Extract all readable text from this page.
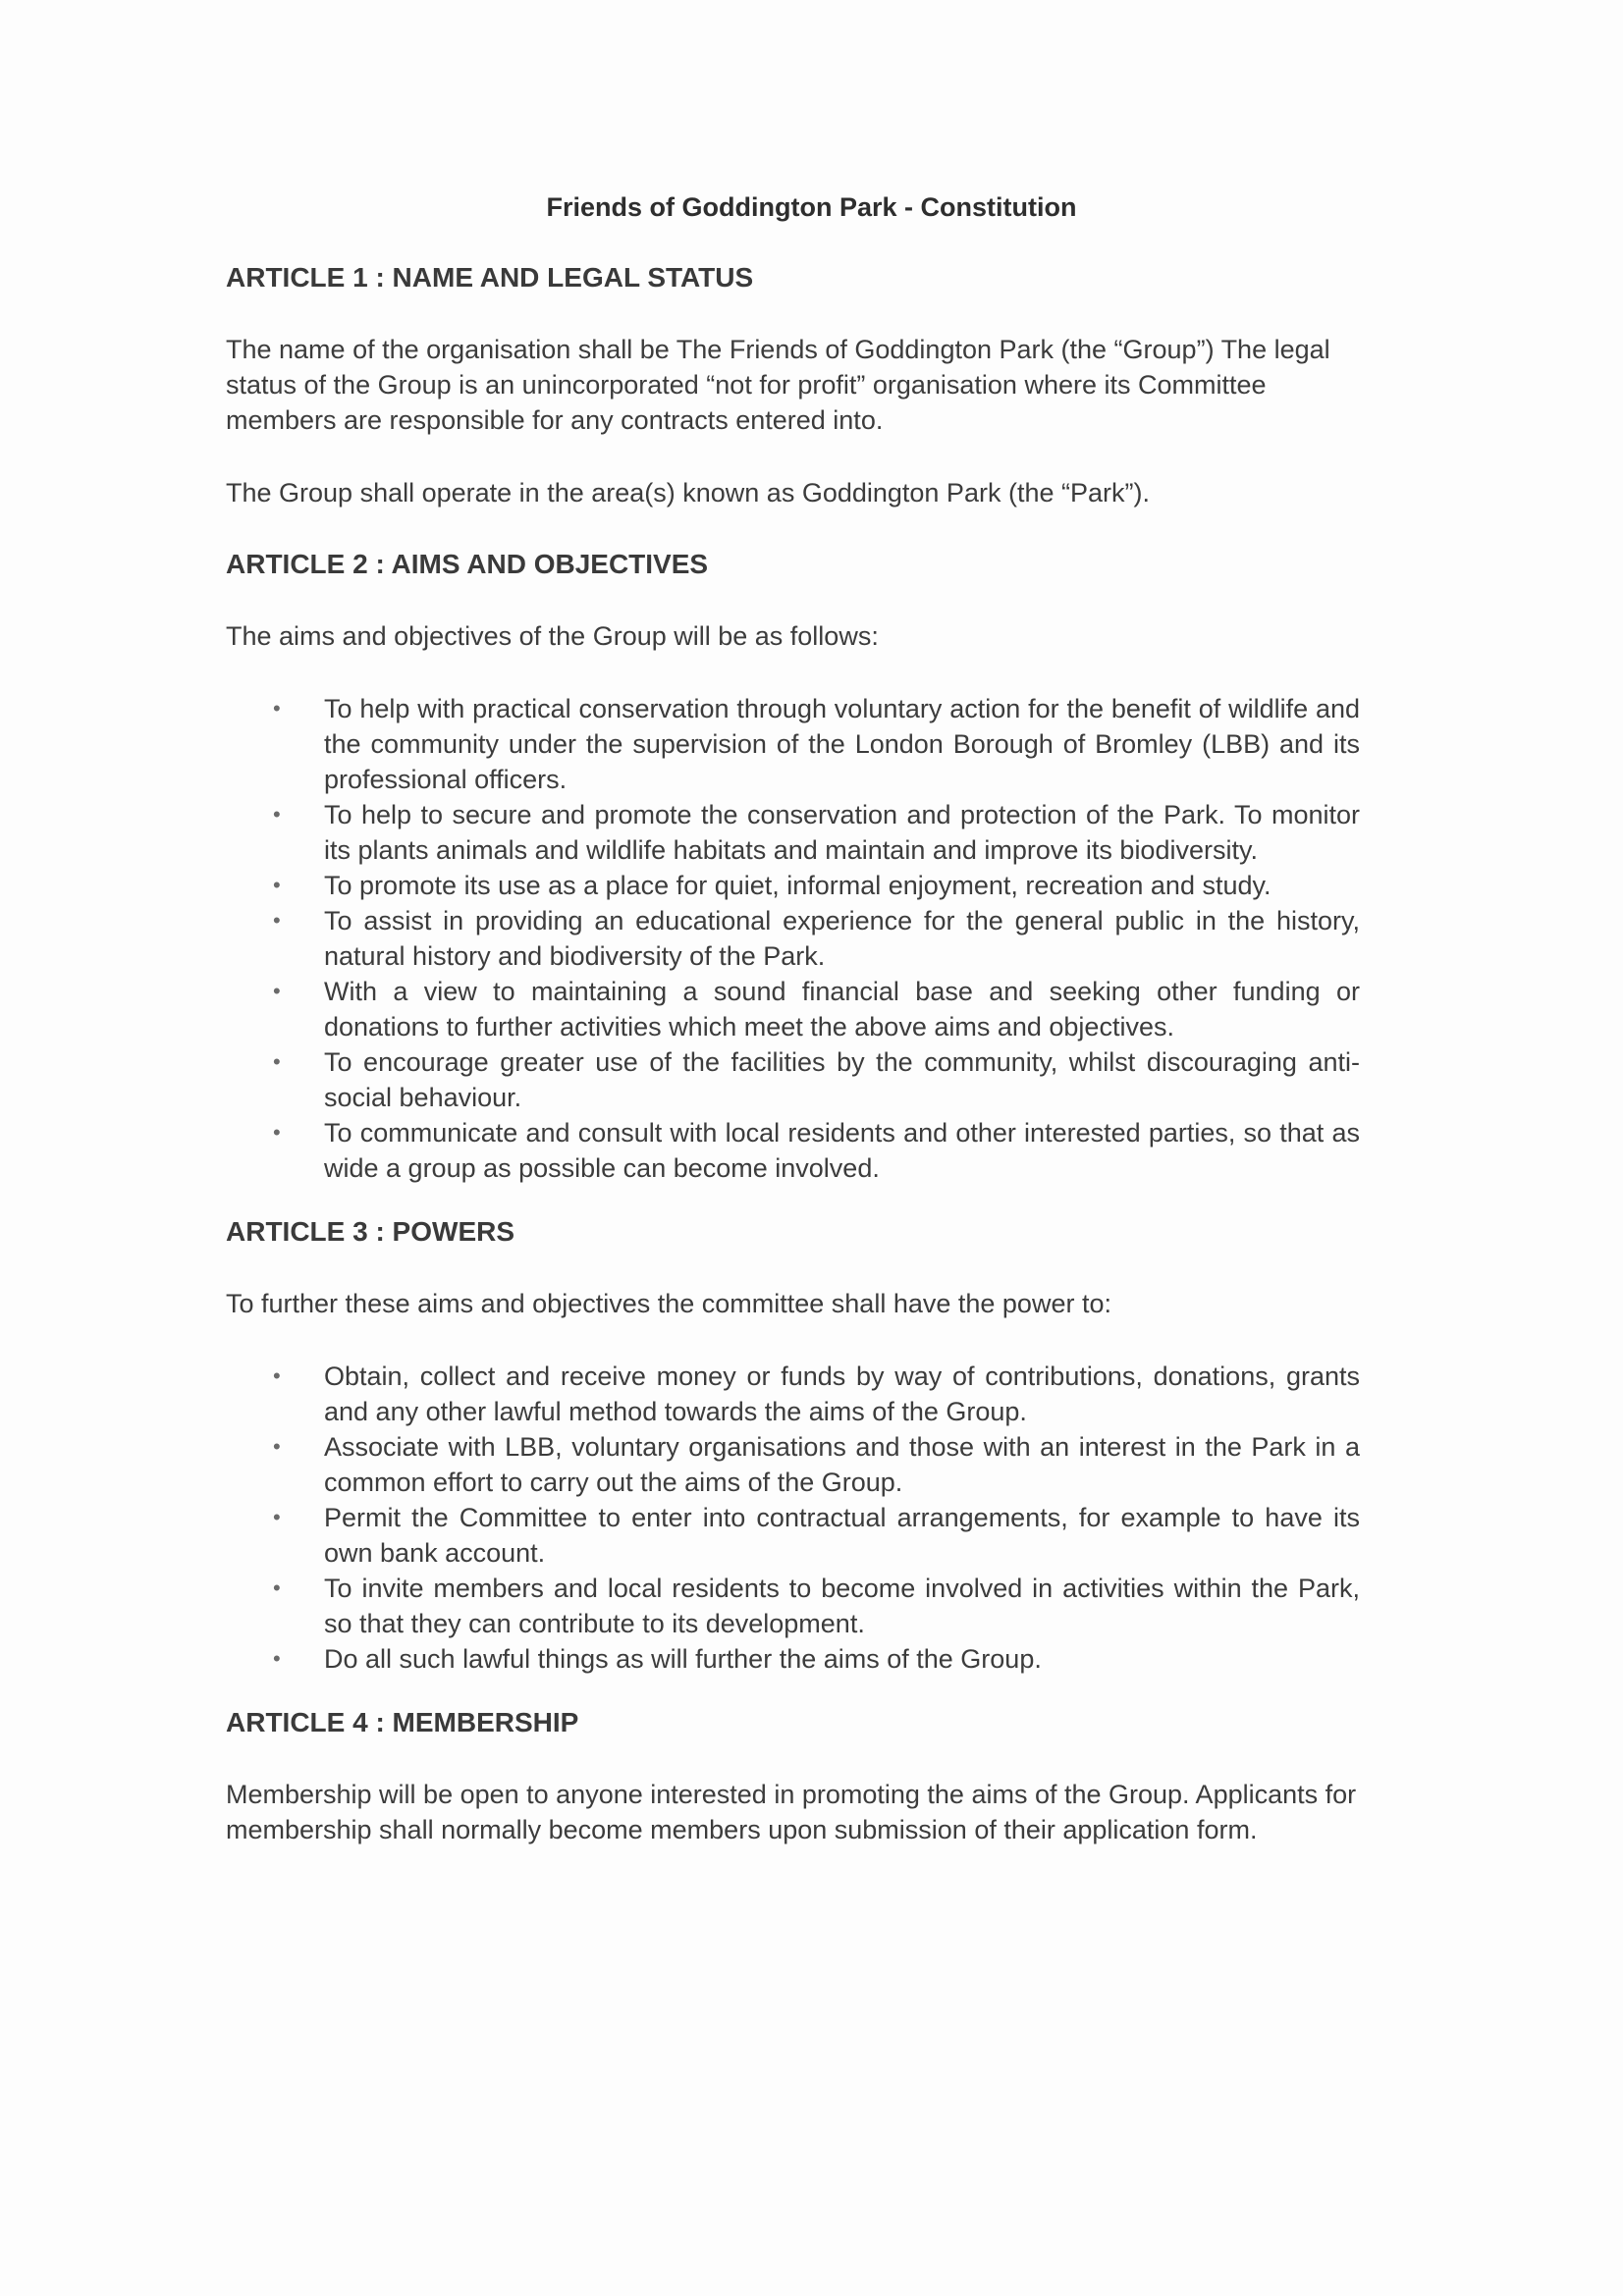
Friends of Goddington Park - Constitution
ARTICLE 1 : NAME AND LEGAL STATUS

The name of the organisation shall be The Friends of Goddington Park (the “Group”) The legal status of the Group is an unincorporated “not for profit” organisation where its Committee members are responsible for any contracts entered into.

The Group shall operate in the area(s) known as Goddington Park (the “Park”).

ARTICLE 2 : AIMS AND OBJECTIVES

The aims and objectives of the Group will be as follows:

• To help with practical conservation through voluntary action for the benefit of wildlife and the community under the supervision of the London Borough of Bromley (LBB) and its professional officers.
• To help to secure and promote the conservation and protection of the Park. To monitor its plants animals and wildlife habitats and maintain and improve its biodiversity.
• To promote its use as a place for quiet, informal enjoyment, recreation and study.
• To assist in providing an educational experience for the general public in the history, natural history and biodiversity of the Park.
• With a view to maintaining a sound financial base and seeking other funding or donations to further activities which meet the above aims and objectives.
• To encourage greater use of the facilities by the community, whilst discouraging anti-social behaviour.
• To communicate and consult with local residents and other interested parties, so that as wide a group as possible can become involved.
ARTICLE 3 : POWERS

To further these aims and objectives the committee shall have the power to:

• Obtain, collect and receive money or funds by way of contributions, donations, grants and any other lawful method towards the aims of the Group.
• Associate with LBB, voluntary organisations and those with an interest in the Park in a common effort to carry out the aims of the Group.
• Permit the Committee to enter into contractual arrangements, for example to have its own bank account.
• To invite members and local residents to become involved in activities within the Park, so that they can contribute to its development.
• Do all such lawful things as will further the aims of the Group.
ARTICLE 4 : MEMBERSHIP

Membership will be open to anyone interested in promoting the aims of the Group. Applicants for membership shall normally become members upon submission of their application form.
